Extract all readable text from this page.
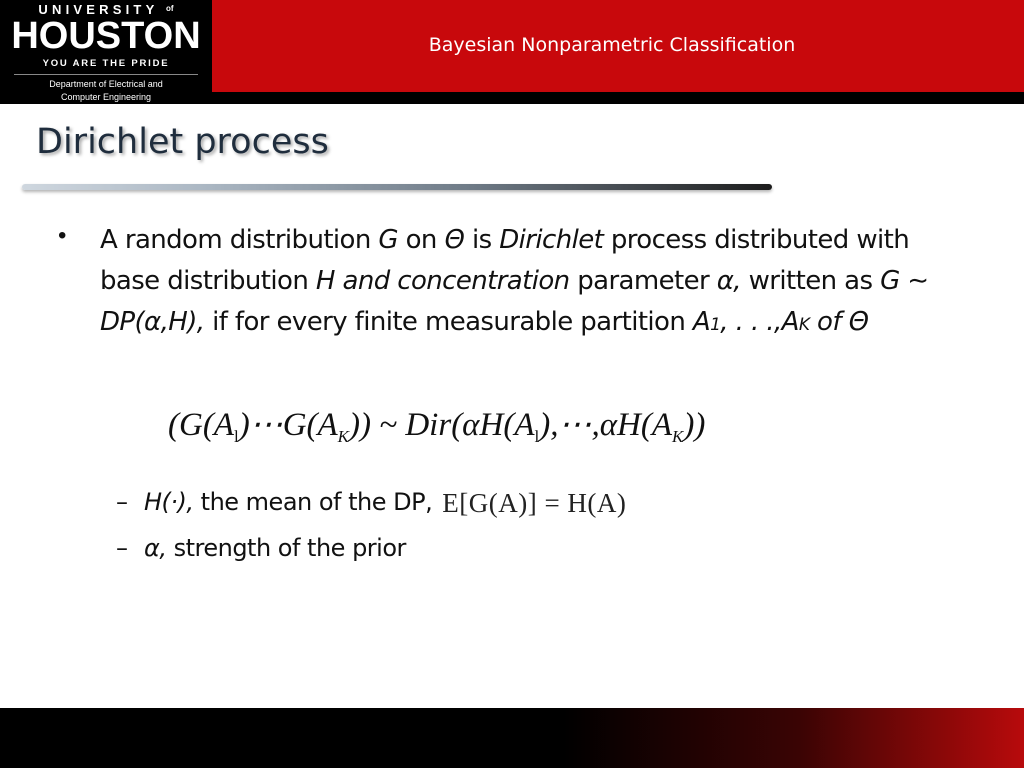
UNIVERSITY $^{of}$
HOUSTON
YOU ARE THE PRIDE
Department of Electrical and
Computer Engineering
Bayesian Nonparametric Classification
Dirichlet process
• A random distribution G on Θ is Dirichlet process distributed with base distribution H and concentration parameter α, written as G ∼ DP(α,H), if for every finite measurable partition A1, . . .,AK of Θ
$(G(A_l)\cdots G(A_K))$ ~ $Dir(\alpha H(A_l),\cdots,\alpha H(A_K))$
– H(·), the mean of the DP, E[G(A)] = H(A)
– α, strength of the prior
